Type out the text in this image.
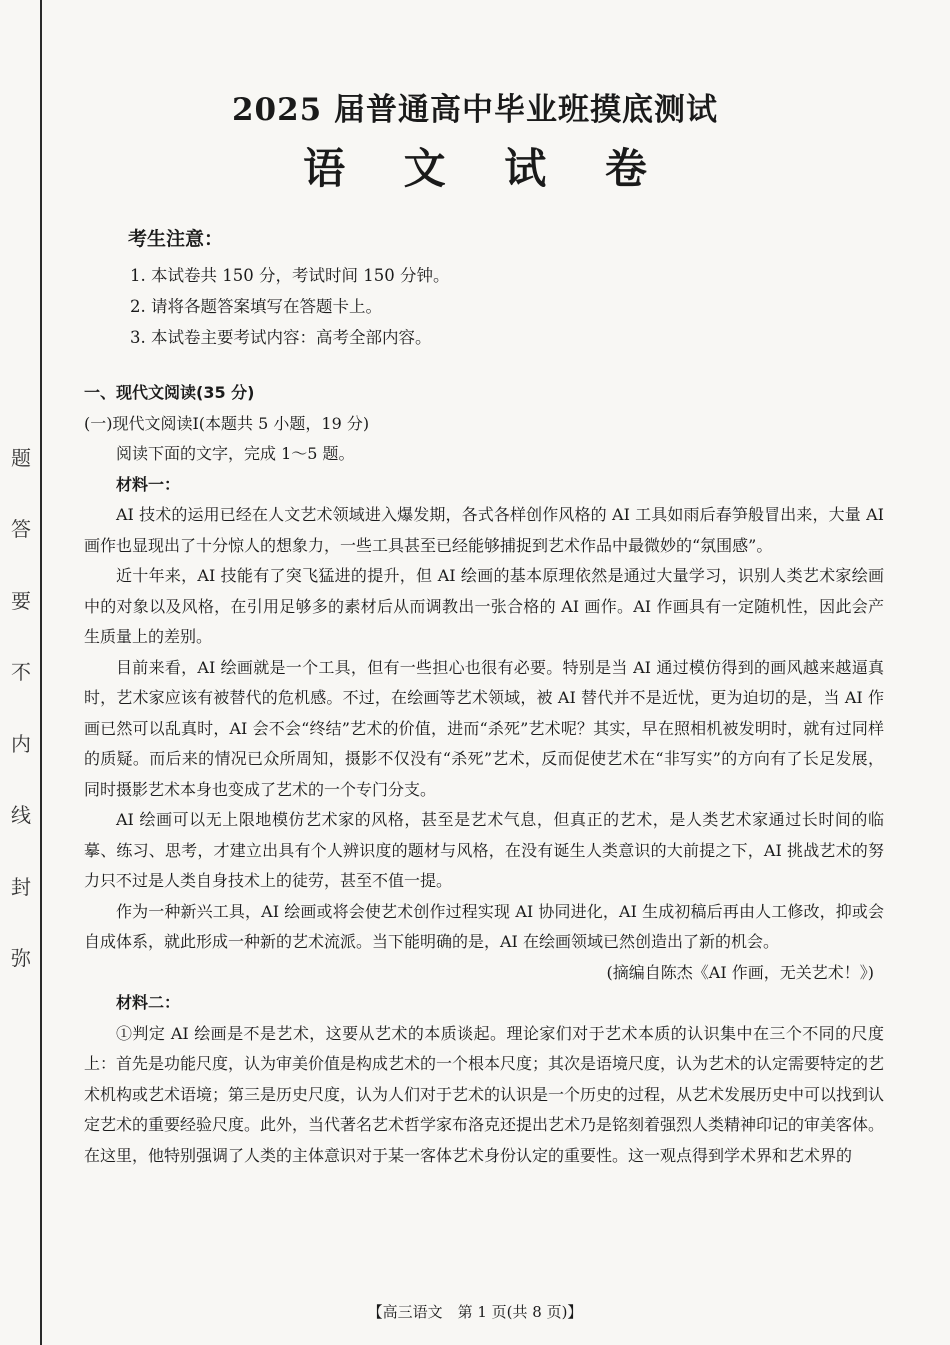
题
答
要
不
内
线
封
弥
2025 届普通高中毕业班摸底测试
语 文 试 卷
考生注意：
1. 本试卷共 150 分，考试时间 150 分钟。
2. 请将各题答案填写在答题卡上。
3. 本试卷主要考试内容：高考全部内容。
一、现代文阅读(35 分)
(一)现代文阅读Ⅰ(本题共 5 小题，19 分)
阅读下面的文字，完成 1～5 题。
材料一：

AI 技术的运用已经在人文艺术领域进入爆发期，各式各样创作风格的 AI 工具如雨后春笋般冒出来，大量 AI 画作也显现出了十分惊人的想象力，一些工具甚至已经能够捕捉到艺术作品中最微妙的“氛围感”。

近十年来，AI 技能有了突飞猛进的提升，但 AI 绘画的基本原理依然是通过大量学习，识别人类艺术家绘画中的对象以及风格，在引用足够多的素材后从而调教出一张合格的 AI 画作。AI 作画具有一定随机性，因此会产生质量上的差别。

目前来看，AI 绘画就是一个工具，但有一些担心也很有必要。特别是当 AI 通过模仿得到的画风越来越逼真时，艺术家应该有被替代的危机感。不过，在绘画等艺术领域，被 AI 替代并不是近忧，更为迫切的是，当 AI 作画已然可以乱真时，AI 会不会“终结”艺术的价值，进而“杀死”艺术呢？其实，早在照相机被发明时，就有过同样的质疑。而后来的情况已众所周知，摄影不仅没有“杀死”艺术，反而促使艺术在“非写实”的方向有了长足发展，同时摄影艺术本身也变成了艺术的一个专门分支。

AI 绘画可以无上限地模仿艺术家的风格，甚至是艺术气息，但真正的艺术，是人类艺术家通过长时间的临摹、练习、思考，才建立出具有个人辨识度的题材与风格，在没有诞生人类意识的大前提之下，AI 挑战艺术的努力只不过是人类自身技术上的徒劳，甚至不值一提。

作为一种新兴工具，AI 绘画或将会使艺术创作过程实现 AI 协同进化，AI 生成初稿后再由人工修改，抑或会自成体系，就此形成一种新的艺术流派。当下能明确的是，AI 在绘画领域已然创造出了新的机会。

(摘编自陈杰《AI 作画，无关艺术！》)
材料二：

①判定 AI 绘画是不是艺术，这要从艺术的本质谈起。理论家们对于艺术本质的认识集中在三个不同的尺度上：首先是功能尺度，认为审美价值是构成艺术的一个根本尺度；其次是语境尺度，认为艺术的认定需要特定的艺术机构或艺术语境；第三是历史尺度，认为人们对于艺术的认识是一个历史的过程，从艺术发展历史中可以找到认定艺术的重要经验尺度。此外，当代著名艺术哲学家布洛克还提出艺术乃是铭刻着强烈人类精神印记的审美客体。在这里，他特别强调了人类的主体意识对于某一客体艺术身份认定的重要性。这一观点得到学术界和艺术界的

【高三语文　第 1 页(共 8 页)】
